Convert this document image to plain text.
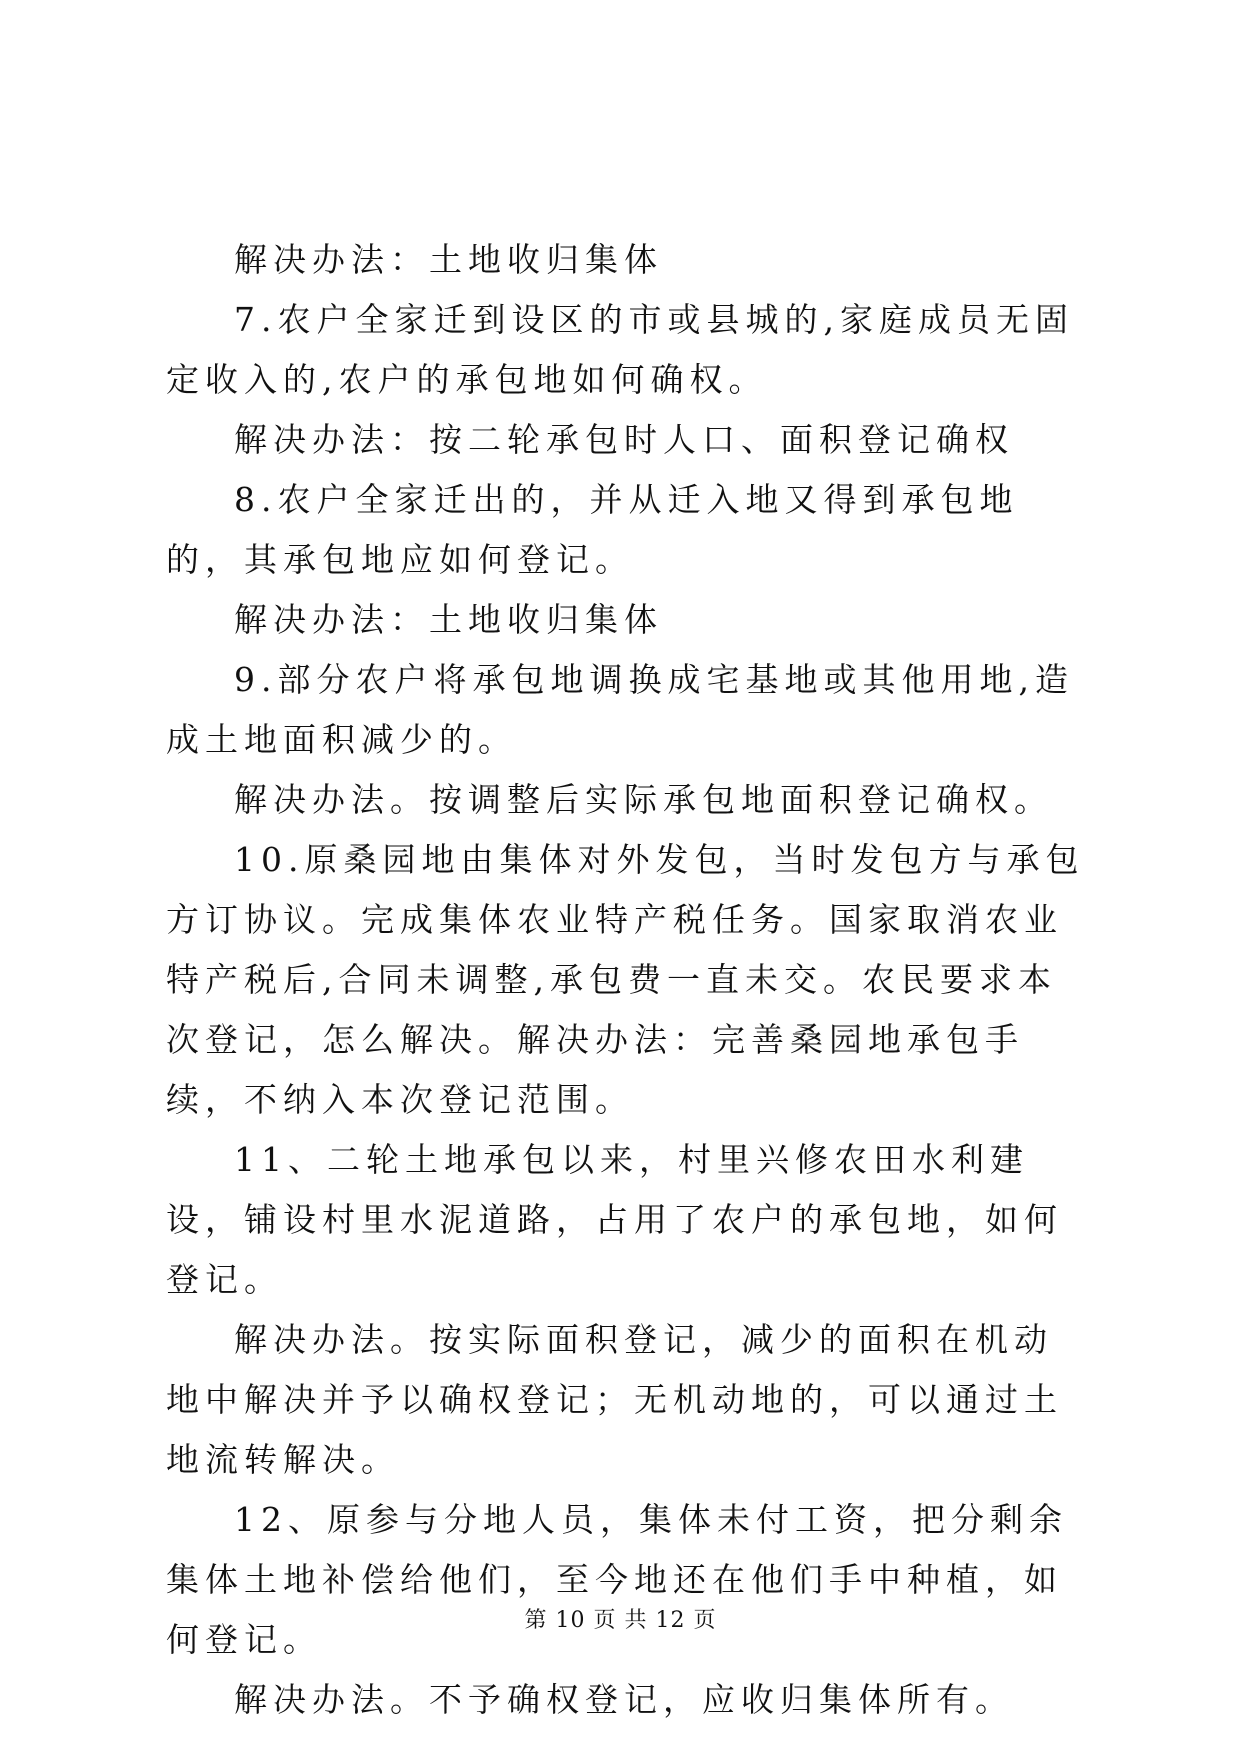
解决办法：土地收归集体

7.农户全家迁到设区的市或县城的,家庭成员无固定收入的,农户的承包地如何确权。

解决办法：按二轮承包时人口、面积登记确权

8.农户全家迁出的，并从迁入地又得到承包地的，其承包地应如何登记。

解决办法：土地收归集体

9.部分农户将承包地调换成宅基地或其他用地,造成土地面积减少的。

解决办法。按调整后实际承包地面积登记确权。

10.原桑园地由集体对外发包，当时发包方与承包方订协议。完成集体农业特产税任务。国家取消农业特产税后,合同未调整,承包费一直未交。农民要求本次登记，怎么解决。解决办法：完善桑园地承包手续，不纳入本次登记范围。

11、二轮土地承包以来，村里兴修农田水利建设，铺设村里水泥道路，占用了农户的承包地，如何登记。

解决办法。按实际面积登记，减少的面积在机动地中解决并予以确权登记；无机动地的，可以通过土地流转解决。

12、原参与分地人员，集体未付工资，把分剩余集体土地补偿给他们，至今地还在他们手中种植，如何登记。

解决办法。不予确权登记，应收归集体所有。

第 10 页 共 12 页
